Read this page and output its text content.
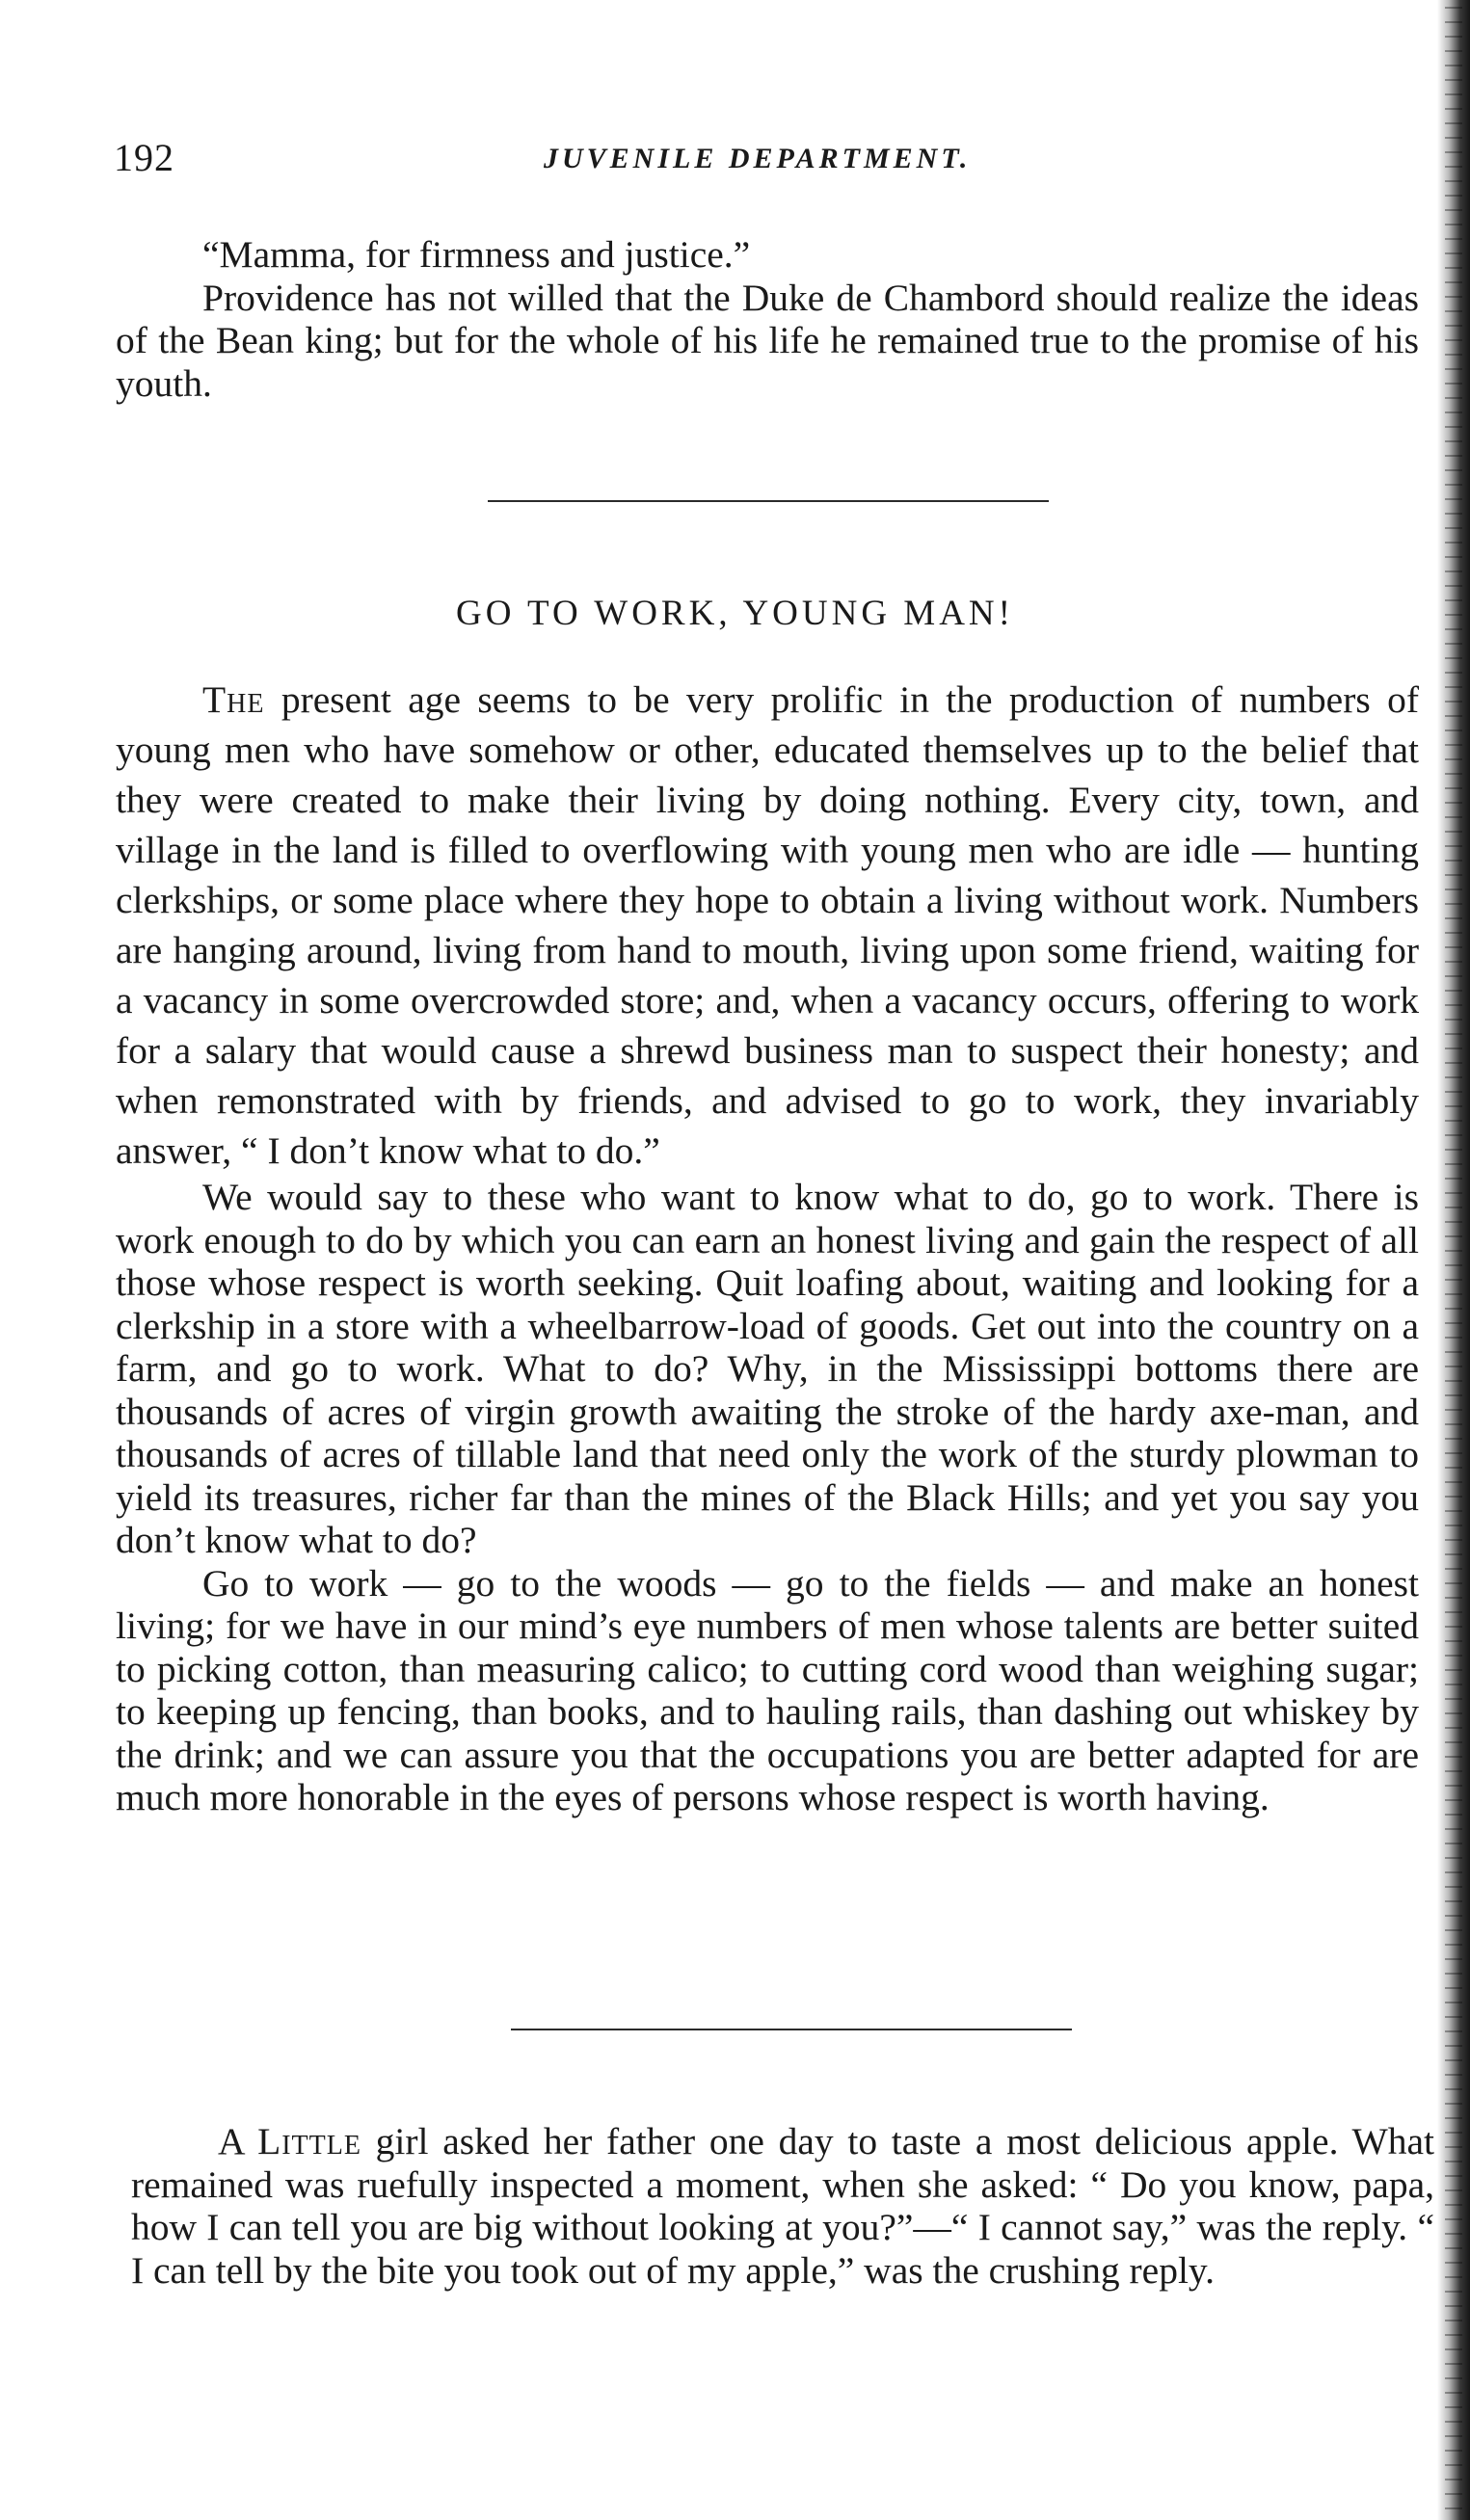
192	JUVENILE DEPARTMENT.

“Mamma, for firmness and justice.”

Providence has not willed that the Duke de Chambord should realize the ideas of the Bean king; but for the whole of his life he remained true to the promise of his youth.

GO TO WORK, YOUNG MAN!

The present age seems to be very prolific in the production of numbers of young men who have somehow or other, educated themselves up to the belief that they were created to make their living by doing nothing. Every city, town, and village in the land is filled to overflowing with young men who are idle — hunting clerkships, or some place where they hope to obtain a living without work. Numbers are hanging around, living from hand to mouth, living upon some friend, waiting for a vacancy in some overcrowded store; and, when a vacancy occurs, offering to work for a salary that would cause a shrewd business man to suspect their honesty; and when remonstrated with by friends, and advised to go to work, they invariably answer, “ I don’t know what to do.”

We would say to these who want to know what to do, go to work. There is work enough to do by which you can earn an honest living and gain the respect of all those whose respect is worth seeking. Quit loafing about, waiting and looking for a clerkship in a store with a wheelbarrow-load of goods. Get out into the country on a farm, and go to work. What to do? Why, in the Mississippi bottoms there are thousands of acres of virgin growth awaiting the stroke of the hardy axe-man, and thousands of acres of tillable land that need only the work of the sturdy plowman to yield its treasures, richer far than the mines of the Black Hills; and yet you say you don’t know what to do?

Go to work — go to the woods — go to the fields — and make an honest living; for we have in our mind’s eye numbers of men whose talents are better suited to picking cotton, than measuring calico; to cutting cord wood than weighing sugar; to keeping up fencing, than books, and to hauling rails, than dashing out whiskey by the drink; and we can assure you that the occupations you are better adapted for are much more honorable in the eyes of persons whose respect is worth having.

A Little girl asked her father one day to taste a most delicious apple. What remained was ruefully inspected a moment, when she asked: “ Do you know, papa, how I can tell you are big without looking at you?”—“ I cannot say,” was the reply. “ I can tell by the bite you took out of my apple,” was the crushing reply.
